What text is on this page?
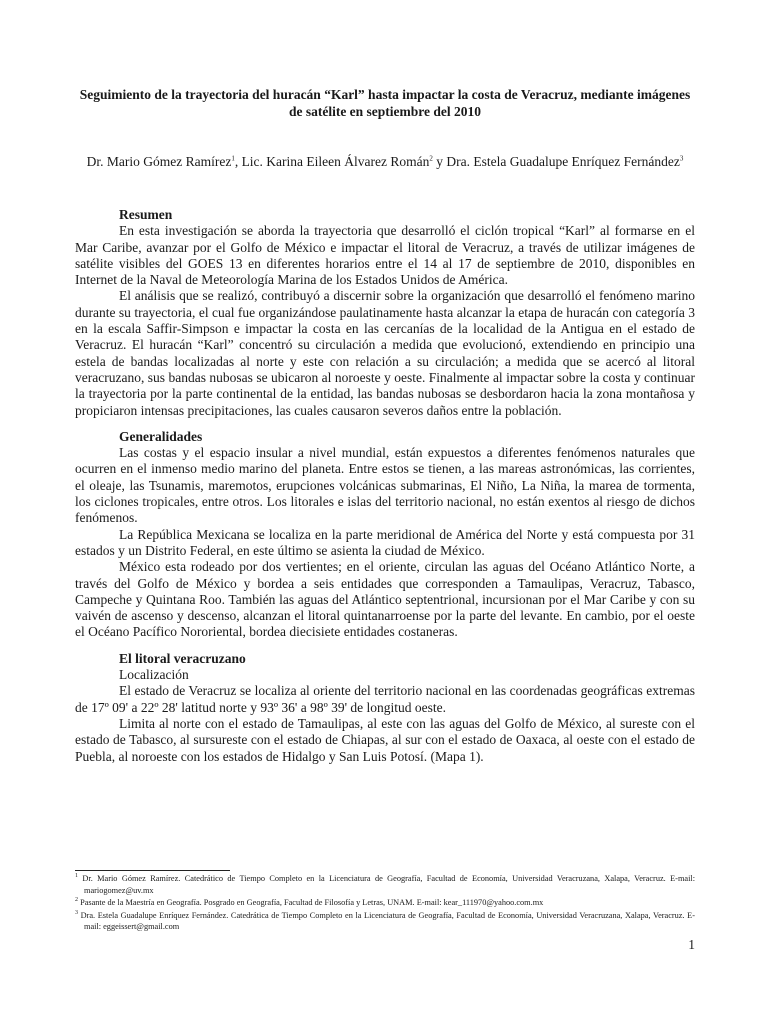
Seguimiento de la trayectoria del huracán “Karl” hasta impactar la costa de Veracruz, mediante imágenes de satélite en septiembre del 2010
Dr. Mario Gómez Ramírez$^1$, Lic. Karina Eileen Álvarez Román$^2$ y Dra. Estela Guadalupe Enríquez Fernández$^3$
Resumen

En esta investigación se aborda la trayectoria que desarrolló el ciclón tropical “Karl” al formarse en el Mar Caribe, avanzar por el Golfo de México e impactar el litoral de Veracruz, a través de utilizar imágenes de satélite visibles del GOES 13 en diferentes horarios entre el 14 al 17 de septiembre de 2010, disponibles en Internet de la Naval de Meteorología Marina de los Estados Unidos de América.

El análisis que se realizó, contribuyó a discernir sobre la organización que desarrolló el fenómeno marino durante su trayectoria, el cual fue organizándose paulatinamente hasta alcanzar la etapa de huracán con categoría 3 en la escala Saffir-Simpson e impactar la costa en las cercanías de la localidad de la Antigua en el estado de Veracruz. El huracán “Karl” concentró su circulación a medida que evolucionó, extendiendo en principio una estela de bandas localizadas al norte y este con relación a su circulación; a medida que se acercó al litoral veracruzano, sus bandas nubosas se ubicaron al noroeste y oeste. Finalmente al impactar sobre la costa y continuar la trayectoria por la parte continental de la entidad, las bandas nubosas se desbordaron hacia la zona montañosa y propiciaron intensas precipitaciones, las cuales causaron severos daños entre la población.

Generalidades

Las costas y el espacio insular a nivel mundial, están expuestos a diferentes fenómenos naturales que ocurren en el inmenso medio marino del planeta. Entre estos se tienen, a las mareas astronómicas, las corrientes, el oleaje, las Tsunamis, maremotos, erupciones volcánicas submarinas, El Niño, La Niña, la marea de tormenta, los ciclones tropicales, entre otros. Los litorales e islas del territorio nacional, no están exentos al riesgo de dichos fenómenos.

La República Mexicana se localiza en la parte meridional de América del Norte y está compuesta por 31 estados y un Distrito Federal, en este último se asienta la ciudad de México.

México esta rodeado por dos vertientes; en el oriente, circulan las aguas del Océano Atlántico Norte, a través del Golfo de México y bordea a seis entidades que corresponden a Tamaulipas, Veracruz, Tabasco, Campeche y Quintana Roo. También las aguas del Atlántico septentrional, incursionan por el Mar Caribe y con su vaivén de ascenso y descenso, alcanzan el litoral quintanarroense por la parte del levante. En cambio, por el oeste el Océano Pacífico Nororiental, bordea diecisiete entidades costaneras.

El litoral veracruzano
Localización

El estado de Veracruz se localiza al oriente del territorio nacional en las coordenadas geográficas extremas de 17º 09' a 22º 28' latitud norte y 93º 36' a 98º 39' de longitud oeste.

Limita al norte con el estado de Tamaulipas, al este con las aguas del Golfo de México, al sureste con el estado de Tabasco, al sursureste con el estado de Chiapas, al sur con el estado de Oaxaca, al oeste con el estado de Puebla, al noroeste con los estados de Hidalgo y San Luis Potosí. (Mapa 1).

$^1$ Dr. Mario Gómez Ramírez. Catedrático de Tiempo Completo en la Licenciatura de Geografía, Facultad de Economía, Universidad Veracruzana, Xalapa, Veracruz. E-mail: mariogomez@uv.mx
$^2$ Pasante de la Maestría en Geografía. Posgrado en Geografía, Facultad de Filosofía y Letras, UNAM. E-mail: kear_111970@yahoo.com.mx
$^3$ Dra. Estela Guadalupe Enríquez Fernández. Catedrática de Tiempo Completo en la Licenciatura de Geografía, Facultad de Economía, Universidad Veracruzana, Xalapa, Veracruz. E-mail: eggeissert@gmail.com
1
